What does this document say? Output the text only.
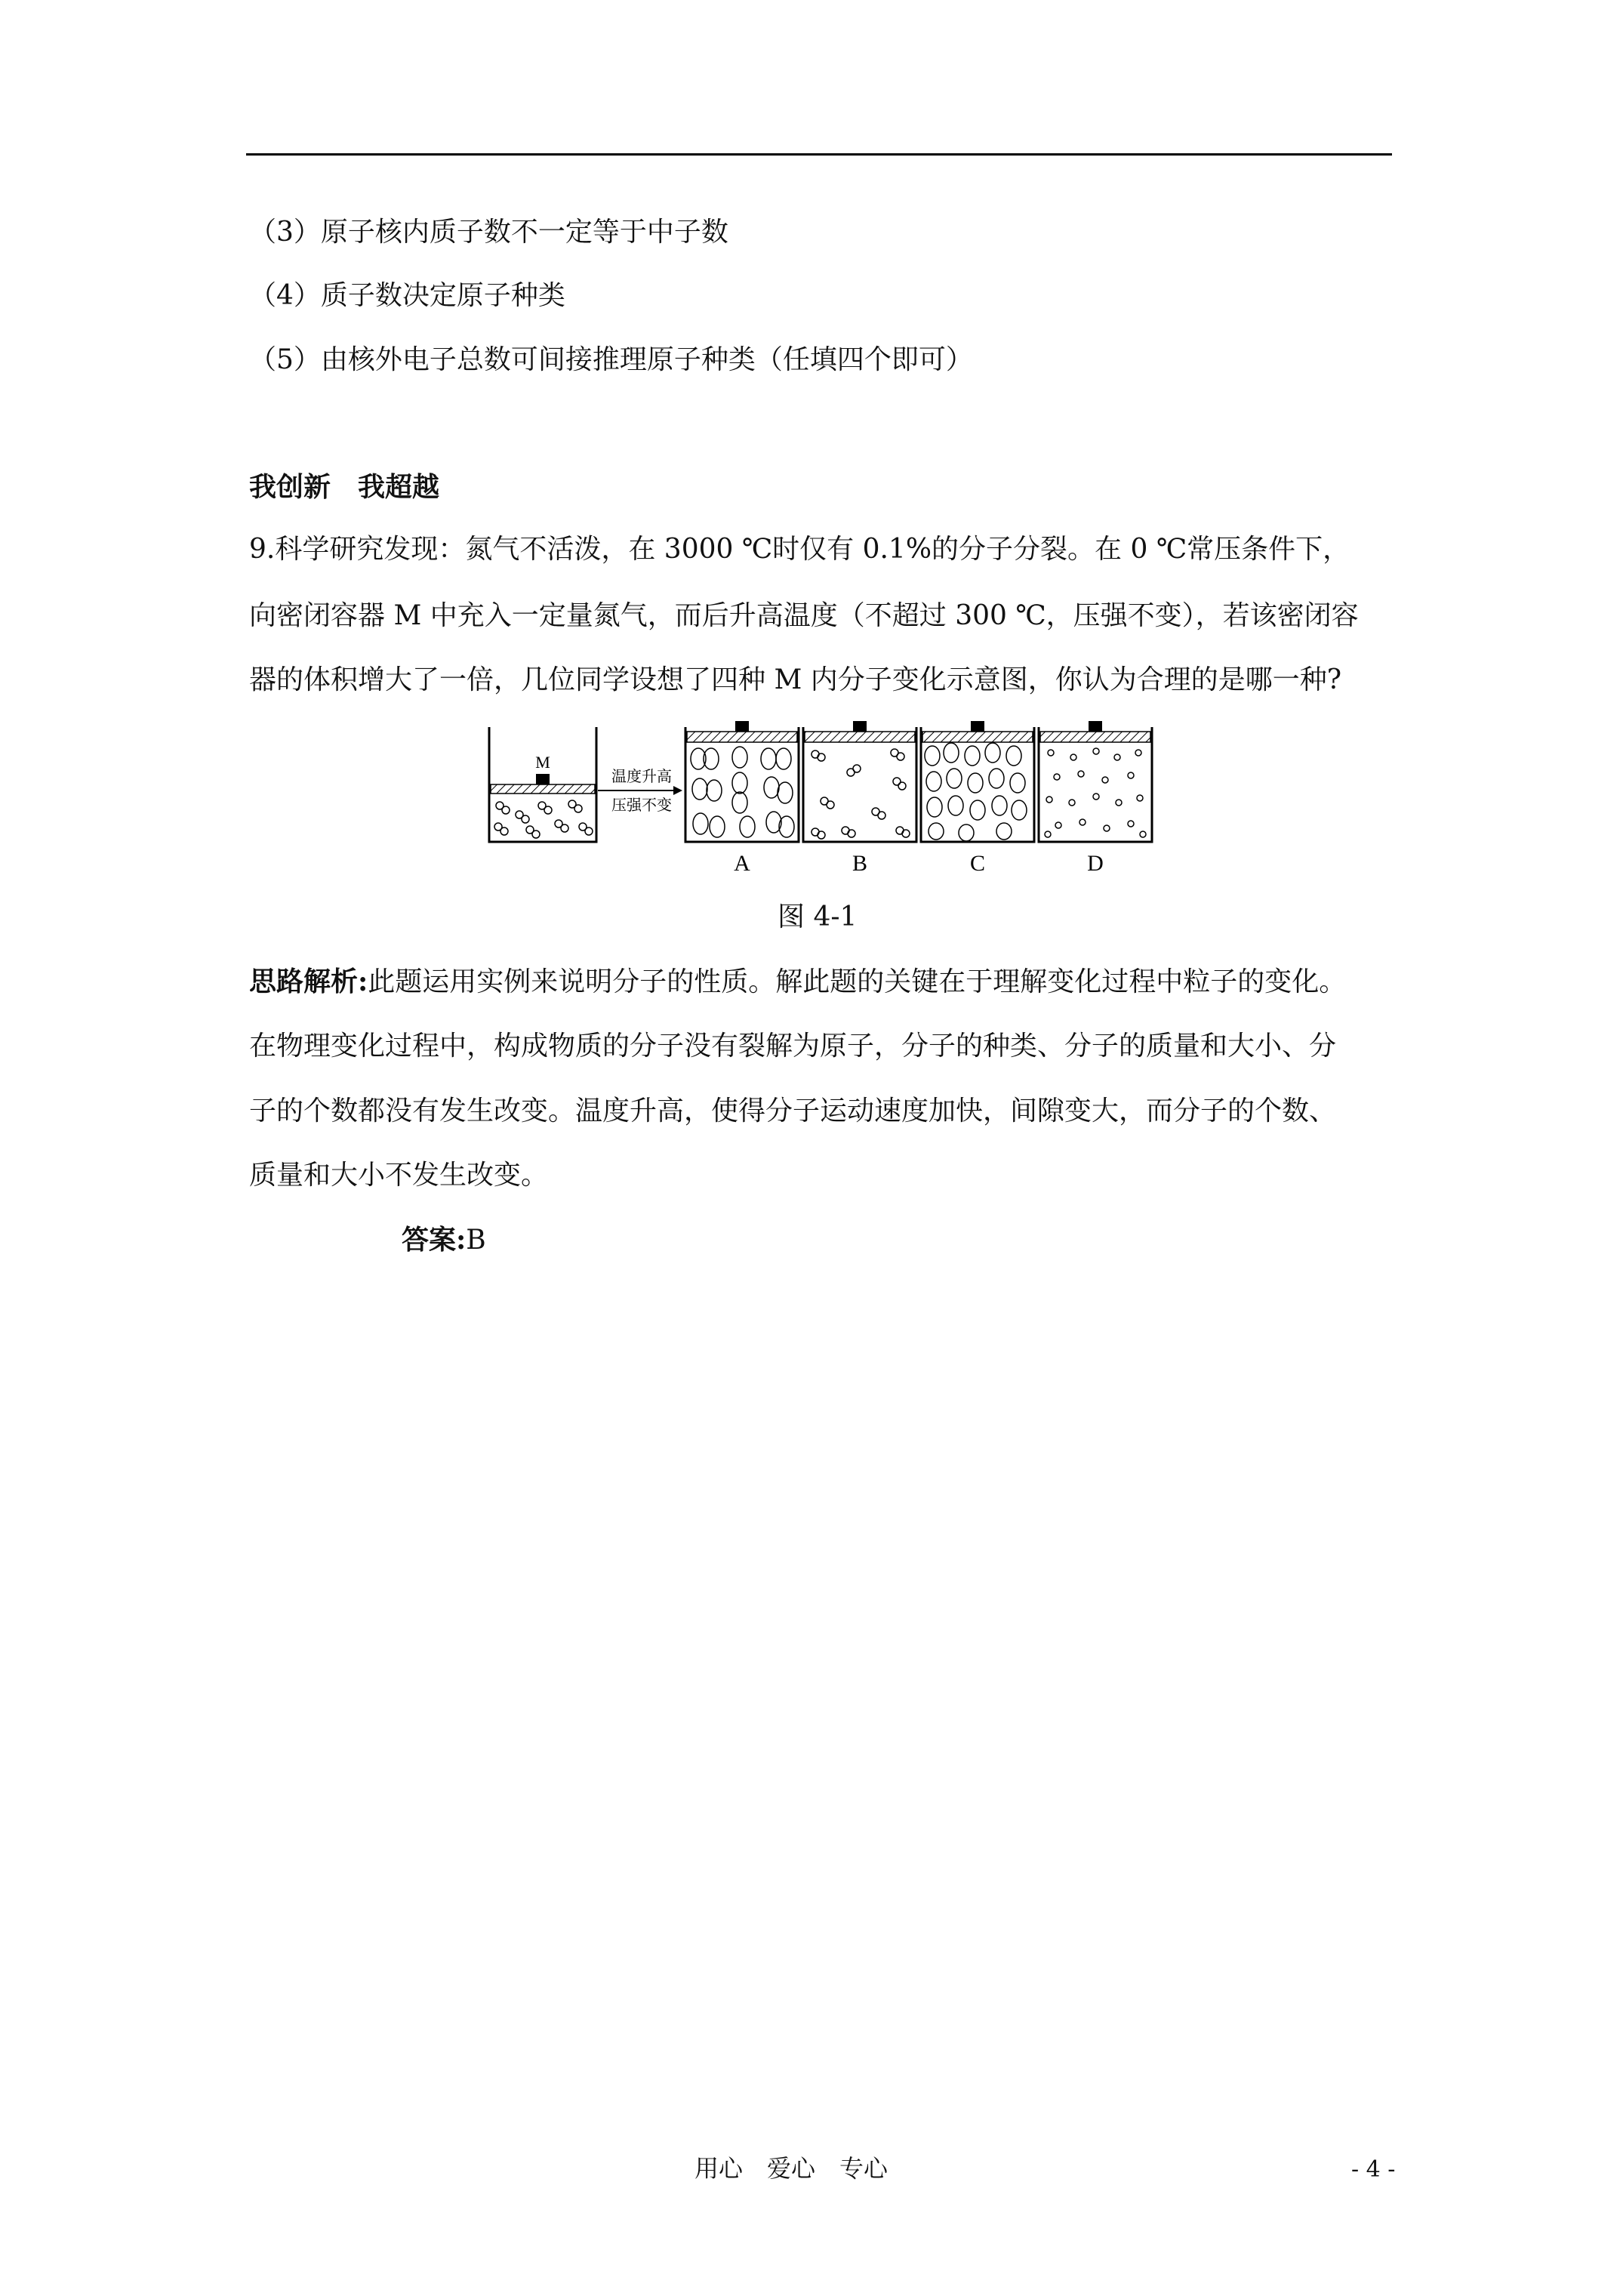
（3）原子核内质子数不一定等于中子数
（4）质子数决定原子种类
（5）由核外电子总数可间接推理原子种类（任填四个即可）
我创新　我超越
9.科学研究发现：氮气不活泼，在 3000 ℃时仅有 0.1%的分子分裂。在 0 ℃常压条件下，
向密闭容器 M 中充入一定量氮气，而后升高温度（不超过 300 ℃，压强不变），若该密闭容
器的体积增大了一倍，几位同学设想了四种 M 内分子变化示意图，你认为合理的是哪一种?
M
温度升高
压强不变
A	B	C	D
图 4-1
思路解析:此题运用实例来说明分子的性质。解此题的关键在于理解变化过程中粒子的变化。
在物理变化过程中，构成物质的分子没有裂解为原子，分子的种类、分子的质量和大小、分
子的个数都没有发生改变。温度升高，使得分子运动速度加快，间隙变大，而分子的个数、
质量和大小不发生改变。
答案:B
用心　爱心　专心	- 4 -
